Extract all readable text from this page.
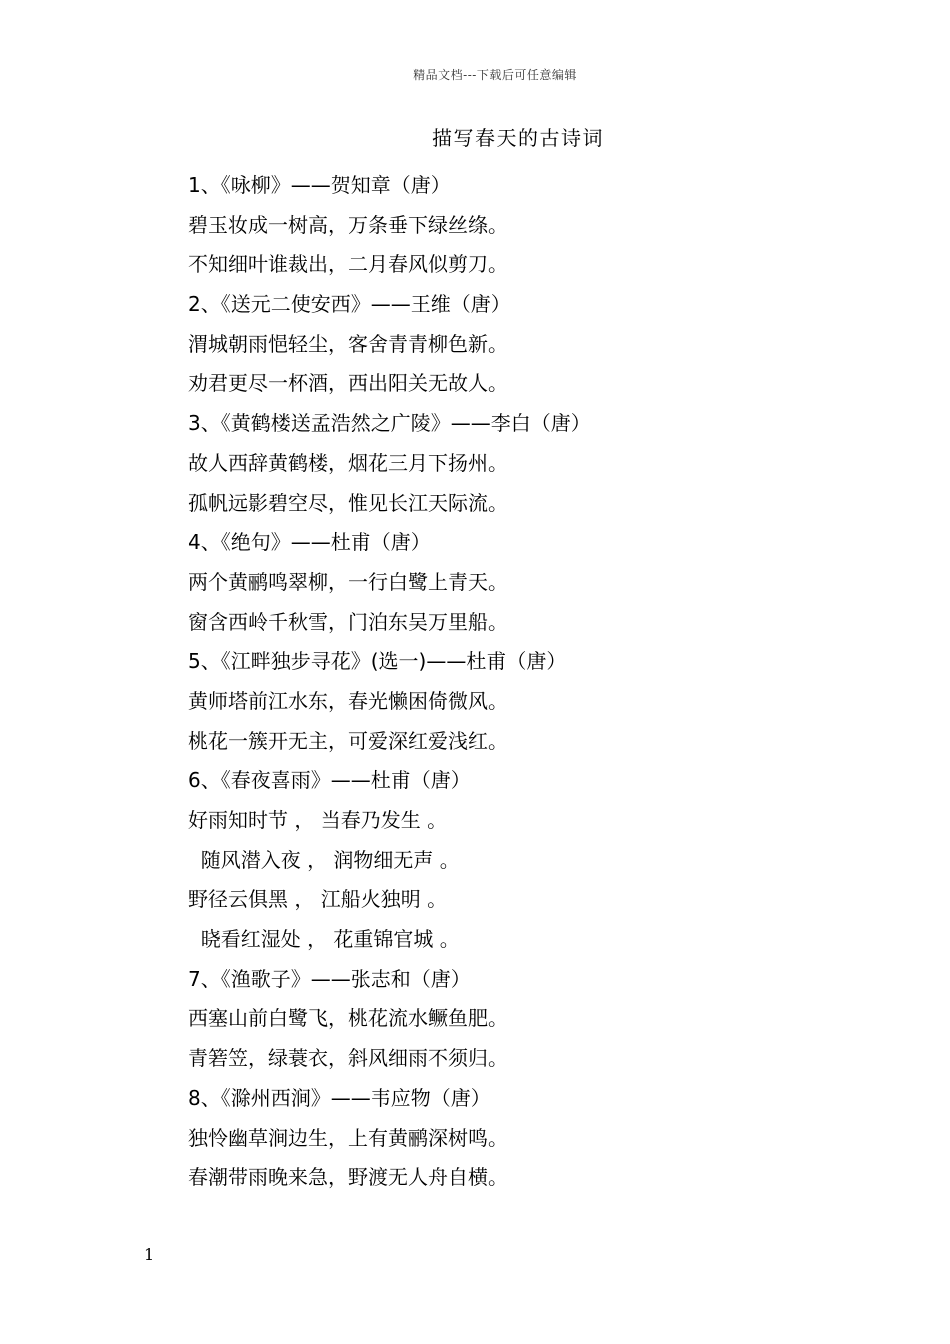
精品文档---下载后可任意编辑
描写春天的古诗词
1、《咏柳》——贺知章（唐）
碧玉妆成一树高，万条垂下绿丝绦。
不知细叶谁裁出，二月春风似剪刀。
2、《送元二使安西》——王维（唐）
渭城朝雨悒轻尘，客舍青青柳色新。
劝君更尽一杯酒，西出阳关无故人。
3、《黄鹤楼送孟浩然之广陵》——李白（唐）
故人西辞黄鹤楼，烟花三月下扬州。
孤帆远影碧空尽，惟见长江天际流。
4、《绝句》——杜甫（唐）
两个黄鹂鸣翠柳，一行白鹭上青天。
窗含西岭千秋雪，门泊东吴万里船。
5、《江畔独步寻花》(选一)——杜甫（唐）
黄师塔前江水东，春光懒困倚微风。
桃花一簇开无主，可爱深红爱浅红。
6、《春夜喜雨》——杜甫（唐）
好雨知时节 ， 当春乃发生 。
随风潜入夜 ， 润物细无声 。
野径云俱黑 ， 江船火独明 。
晓看红湿处 ， 花重锦官城 。
7、《渔歌子》——张志和（唐）
西塞山前白鹭飞，桃花流水鳜鱼肥。
青箬笠，绿蓑衣，斜风细雨不须归。
8、《滁州西涧》——韦应物（唐）
独怜幽草涧边生，上有黄鹂深树鸣。
春潮带雨晚来急，野渡无人舟自横。
1
